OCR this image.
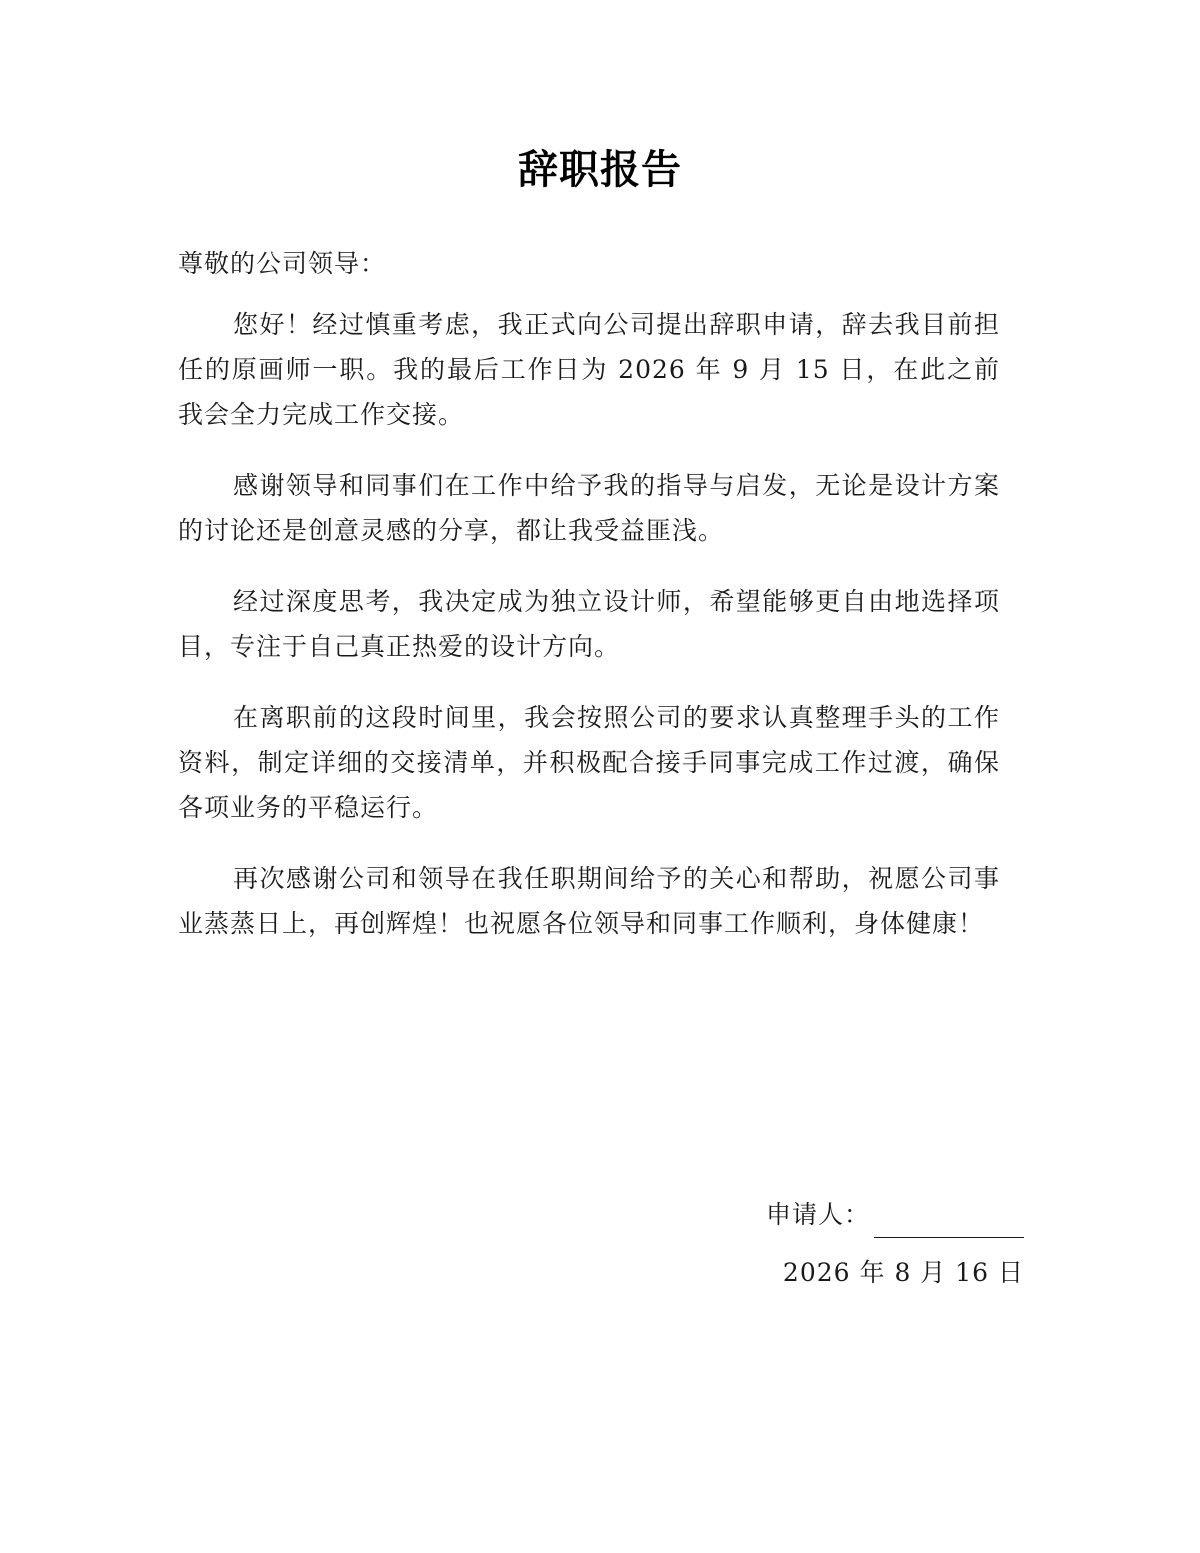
辞职报告
尊敬的公司领导：

您好！经过慎重考虑，我正式向公司提出辞职申请，辞去我目前担任的原画师一职。我的最后工作日为 2026 年 9 月 15 日，在此之前我会全力完成工作交接。

感谢领导和同事们在工作中给予我的指导与启发，无论是设计方案的讨论还是创意灵感的分享，都让我受益匪浅。

经过深度思考，我决定成为独立设计师，希望能够更自由地选择项目，专注于自己真正热爱的设计方向。

在离职前的这段时间里，我会按照公司的要求认真整理手头的工作资料，制定详细的交接清单，并积极配合接手同事完成工作过渡，确保各项业务的平稳运行。

再次感谢公司和领导在我任职期间给予的关心和帮助，祝愿公司事业蒸蒸日上，再创辉煌！也祝愿各位领导和同事工作顺利，身体健康！

申请人：
2026 年 8 月 16 日
